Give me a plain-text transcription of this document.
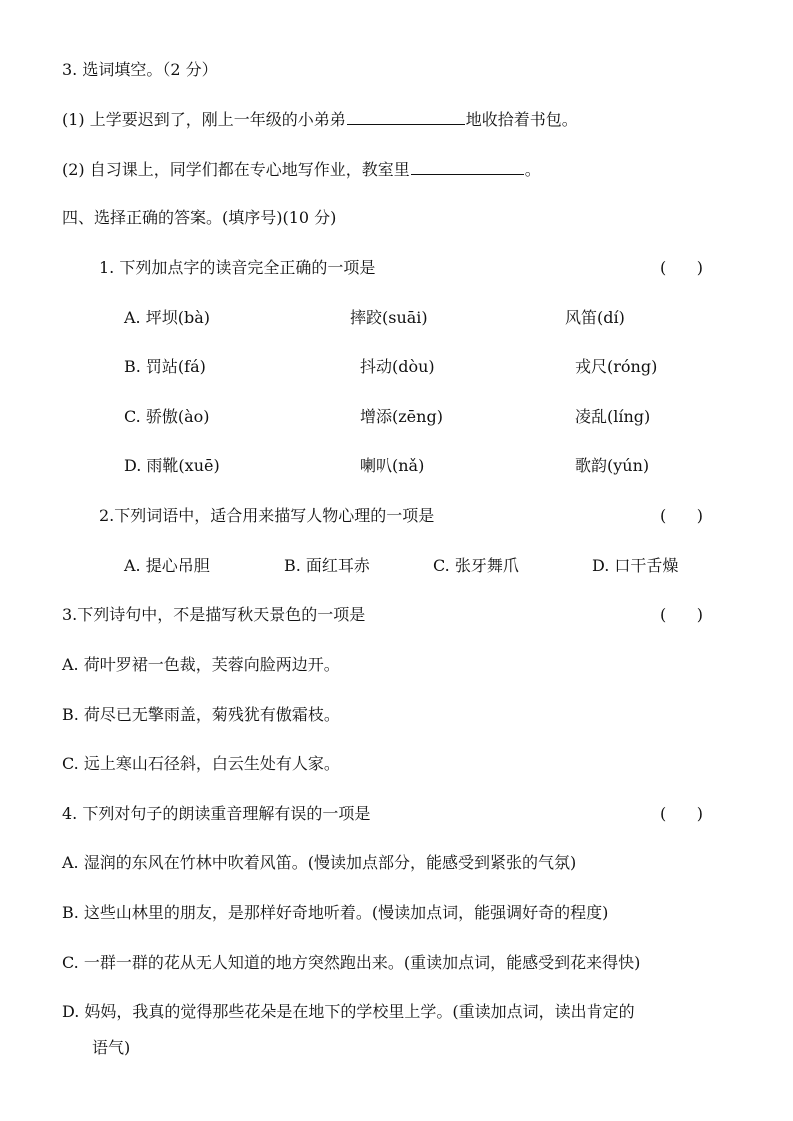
3. 选词填空。（2 分）
(1) 上学要迟到了，刚上一年级的小弟弟	地收拾着书包。
(2) 自习课上，同学们都在专心地写作业，教室里	。
四、选择正确的答案。(填序号)(10 分)
1. 下列加点字的读音完全正确的一项是	(      )
A. 坪坝(bà)	摔跤(suāi)	风笛(dí)
B. 罚站(fá)	抖动(dòu)	戎尺(róng)
C. 骄傲(ào)	增添(zēng)	凌乱(líng)
D. 雨靴(xuē)	喇叭(nǎ)	歌韵(yún)
2.下列词语中，适合用来描写人物心理的一项是	(      )
A. 提心吊胆	B. 面红耳赤	C. 张牙舞爪	D. 口干舌燥
3.下列诗句中，不是描写秋天景色的一项是	(      )
A. 荷叶罗裙一色裁，芙蓉向脸两边开。
B. 荷尽已无擎雨盖，菊残犹有傲霜枝。
C. 远上寒山石径斜，白云生处有人家。
4. 下列对句子的朗读重音理解有误的一项是	(      )
A. 湿润的东风在竹林中吹着风笛。(慢读加点部分，能感受到紧张的气氛)
B. 这些山林里的朋友，是那样好奇地听着。(慢读加点词，能强调好奇的程度)
C. 一群一群的花从无人知道的地方突然跑出来。(重读加点词，能感受到花来得快)
D. 妈妈，我真的觉得那些花朵是在地下的学校里上学。(重读加点词，读出肯定的
语气)
